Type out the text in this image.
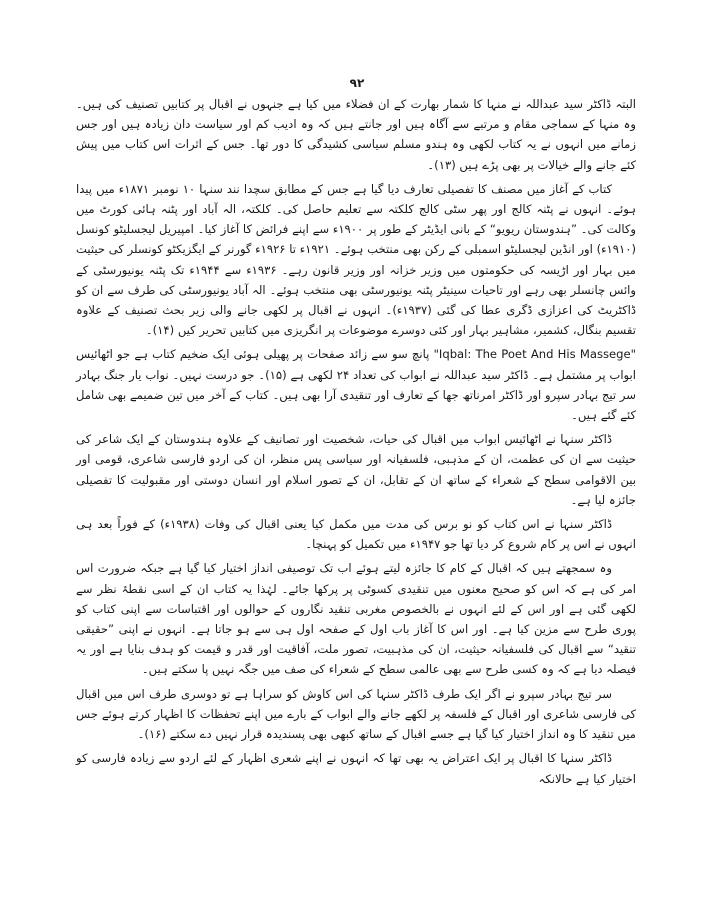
۹۲

البتہ ڈاکٹر سید عبداللہ نے منہا کا شمار بھارت کے ان فضلاء میں کیا ہے جنہوں نے اقبال پر کتابیں تصنیف کی ہیں۔ وہ منہا کے سماجی مقام و مرتبے سے آگاہ ہیں اور جانتے ہیں کہ وہ ادیب کم اور سیاست دان زیادہ ہیں اور جس زمانے میں انہوں نے یہ کتاب لکھی وہ ہندو مسلم سیاسی کشیدگی کا دور تھا۔ جس کے اثرات اس کتاب میں پیش کئے جانے والے خیالات پر بھی پڑے ہیں (۱۳)۔

کتاب کے آغاز میں مصنف کا تفصیلی تعارف دیا گیا ہے جس کے مطابق سچدا نند سنہا ۱۰ نومبر ۱۸۷۱ء میں پیدا ہوئے۔ انہوں نے پٹنہ کالج اور پھر سٹی کالج کلکتہ سے تعلیم حاصل کی۔ کلکتہ، الہ آباد اور پٹنہ ہائی کورٹ میں وکالت کی۔ ”ہندوستان ریویو“ کے بانی ایڈیٹر کے طور پر ۱۹۰۰ء سے اپنے فرائض کا آغاز کیا۔ امپیریل لیجسلیٹو کونسل (۱۹۱۰ء) اور انڈین لیجسلیٹو اسمبلی کے رکن بھی منتخب ہوئے۔ ۱۹۲۱ء تا ۱۹۲۶ء گورنر کے ایگزیکٹو کونسلر کی حیثیت میں بہار اور اڑیسہ کی حکومتوں میں وزیر خزانہ اور وزیر قانون رہے۔ ۱۹۳۶ء سے ۱۹۴۴ء تک پٹنہ یونیورسٹی کے وائس چانسلر بھی رہے اور تاحیات سینیٹر پٹنہ یونیورسٹی بھی منتخب ہوئے۔ الہ آباد یونیورسٹی کی طرف سے ان کو ڈاکٹریٹ کی اعزازی ڈگری عطا کی گئی (۱۹۳۷ء)۔ انہوں نے اقبال پر لکھی جانے والی زیر بحث تصنیف کے علاوہ تقسیم بنگال، کشمیر، مشاہیر بہار اور کئی دوسرے موضوعات پر انگریزی میں کتابیں تحریر کیں (۱۴)۔

"Iqbal: The Poet And His Massege" پانچ سو سے زائد صفحات پر پھیلی ہوئی ایک ضخیم کتاب ہے جو اٹھائیس ابواب پر مشتمل ہے۔ ڈاکٹر سید عبداللہ نے ابواب کی تعداد ۲۴ لکھی ہے (۱۵)۔ جو درست نہیں۔ نواب یار جنگ بہادر سر تیج بہادر سپرو اور ڈاکٹر امرناتھ جھا کے تعارف اور تنقیدی آرا بھی ہیں۔ کتاب کے آخر میں تین ضمیمے بھی شامل کئے گئے ہیں۔

ڈاکٹر سنہا نے اٹھائیس ابواب میں اقبال کی حیات، شخصیت اور تصانیف کے علاوہ ہندوستان کے ایک شاعر کی حیثیت سے ان کی عظمت، ان کے مذہبی، فلسفیانہ اور سیاسی پس منظر، ان کی اردو فارسی شاعری، قومی اور بین الاقوامی سطح کے شعراء کے ساتھ ان کے تقابل، ان کے تصور اسلام اور انسان دوستی اور مقبولیت کا تفصیلی جائزہ لیا ہے۔

ڈاکٹر سنہا نے اس کتاب کو نو برس کی مدت میں مکمل کیا یعنی اقبال کی وفات (۱۹۳۸ء) کے فوراً بعد ہی انہوں نے اس پر کام شروع کر دیا تھا جو ۱۹۴۷ء میں تکمیل کو پہنچا۔

وہ سمجھتے ہیں کہ اقبال کے کام کا جائزہ لیتے ہوئے اب تک توصیفی انداز اختیار کیا گیا ہے جبکہ ضرورت اس امر کی ہے کہ اس کو صحیح معنوں میں تنقیدی کسوٹی پر پرکھا جائے۔ لہٰذا یہ کتاب ان کے اسی نقطۂ نظر سے لکھی گئی ہے اور اس کے لئے انہوں نے بالخصوص مغربی تنقید نگاروں کے حوالوں اور اقتباسات سے اپنی کتاب کو پوری طرح سے مزین کیا ہے۔ اور اس کا آغاز باب اول کے صفحہ اول ہی سے ہو جاتا ہے۔ انہوں نے اپنی ”حقیقی تنقید“ سے اقبال کی فلسفیانہ حیثیت، ان کی مذہبیت، تصور ملت، آفاقیت اور قدر و قیمت کو ہدف بنایا ہے اور یہ فیصلہ دیا ہے کہ وہ کسی طرح سے بھی عالمی سطح کے شعراء کی صف میں جگہ نہیں پا سکتے ہیں۔

سر تیج بہادر سپرو نے اگر ایک طرف ڈاکٹر سنہا کی اس کاوش کو سراہا ہے تو دوسری طرف اس میں اقبال کی فارسی شاعری اور اقبال کے فلسفہ پر لکھے جانے والے ابواب کے بارے میں اپنے تحفظات کا اظہار کرتے ہوئے جس میں تنقید کا وہ انداز اختیار کیا گیا ہے جسے اقبال کے ساتھ کبھی بھی پسندیدہ قرار نہیں دے سکتے (۱۶)۔

ڈاکٹر سنہا کا اقبال پر ایک اعتراض یہ بھی تھا کہ انہوں نے اپنے شعری اظہار کے لئے اردو سے زیادہ فارسی کو اختیار کیا ہے حالانکہ
